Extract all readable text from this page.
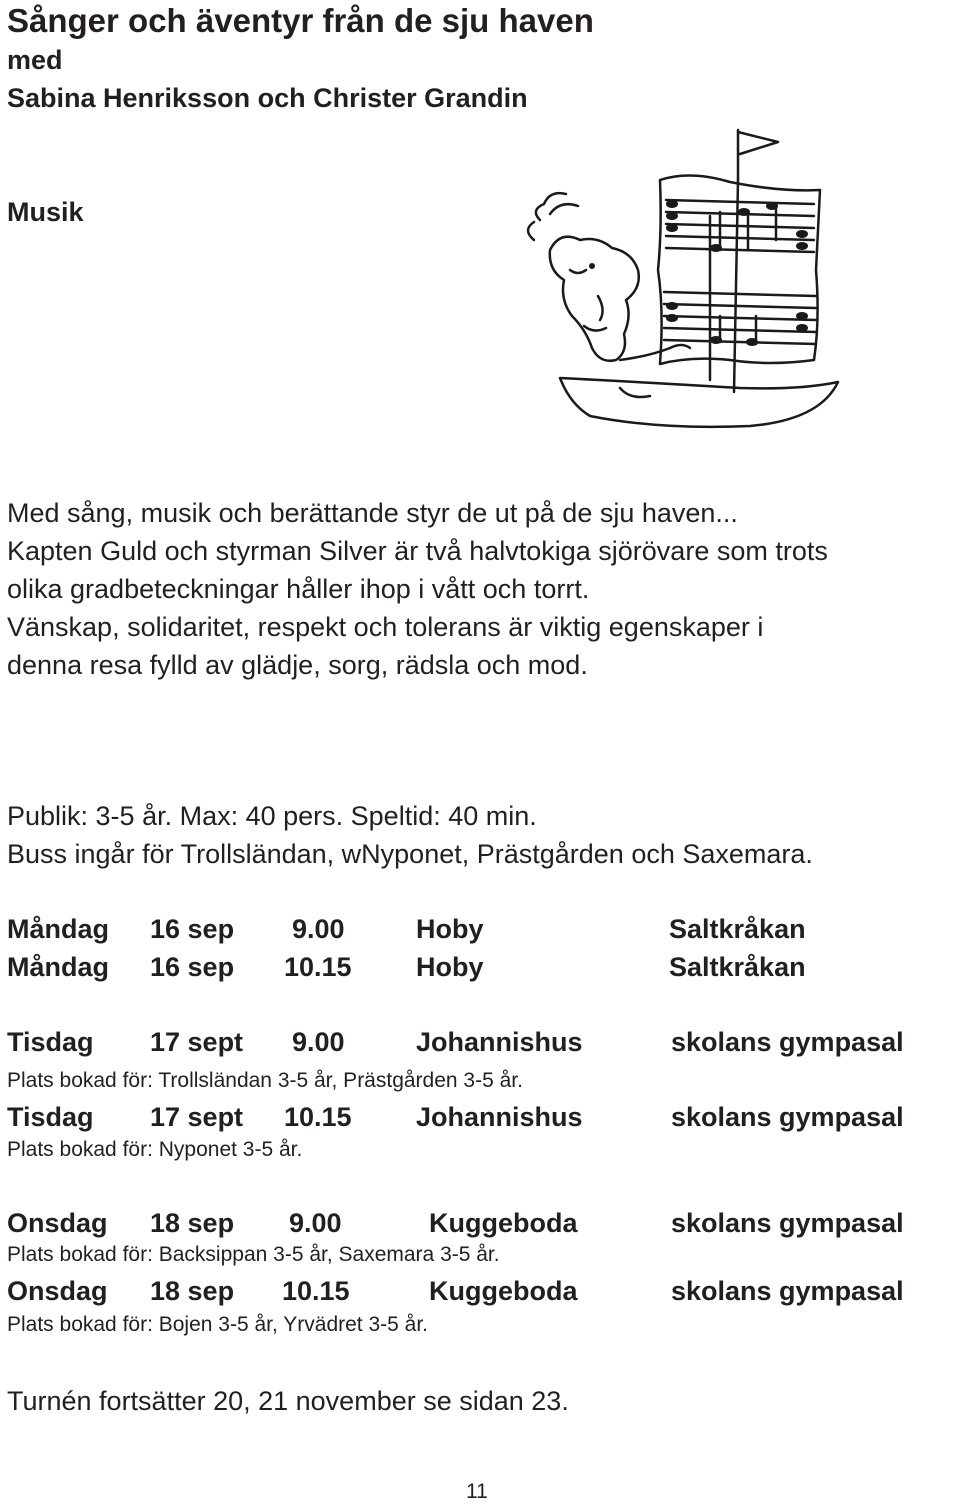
Sånger och äventyr från de sju haven
med
Sabina Henriksson och Christer Grandin
Musik
Med sång, musik och berättande styr de ut på de sju haven...
Kapten Guld och styrman Silver är två halvtokiga sjörövare som trots
olika gradbeteckningar håller ihop i vått och torrt.
Vänskap, solidaritet, respekt och tolerans är viktig egenskaper i
denna resa fylld av glädje, sorg, rädsla och mod.
Publik: 3-5 år. Max: 40 pers. Speltid: 40 min.
Buss ingår för Trollsländan, wNyponet, Prästgården och Saxemara.
Måndag 16 sep 9.00	Hoby	Saltkråkan
Måndag 16 sep 10.15 Hoby	Saltkråkan
Tisdag 17 sept 9.00	Johannishus	skolans gympasal
Plats bokad för: Trollsländan 3-5 år, Prästgården 3-5 år.
Tisdag 17 sept 10.15 Johannishus	skolans gympasal
Plats bokad för: Nyponet 3-5 år.
Onsdag 18 sep 9.00	Kuggeboda	skolans gympasal
Plats bokad för: Backsippan 3-5 år, Saxemara 3-5 år.
Onsdag 18 sep 10.15	Kuggeboda	skolans gympasal
Plats bokad för: Bojen 3-5 år, Yrvädret 3-5 år.
Turnén fortsätter 20, 21 november se sidan 23.
11
